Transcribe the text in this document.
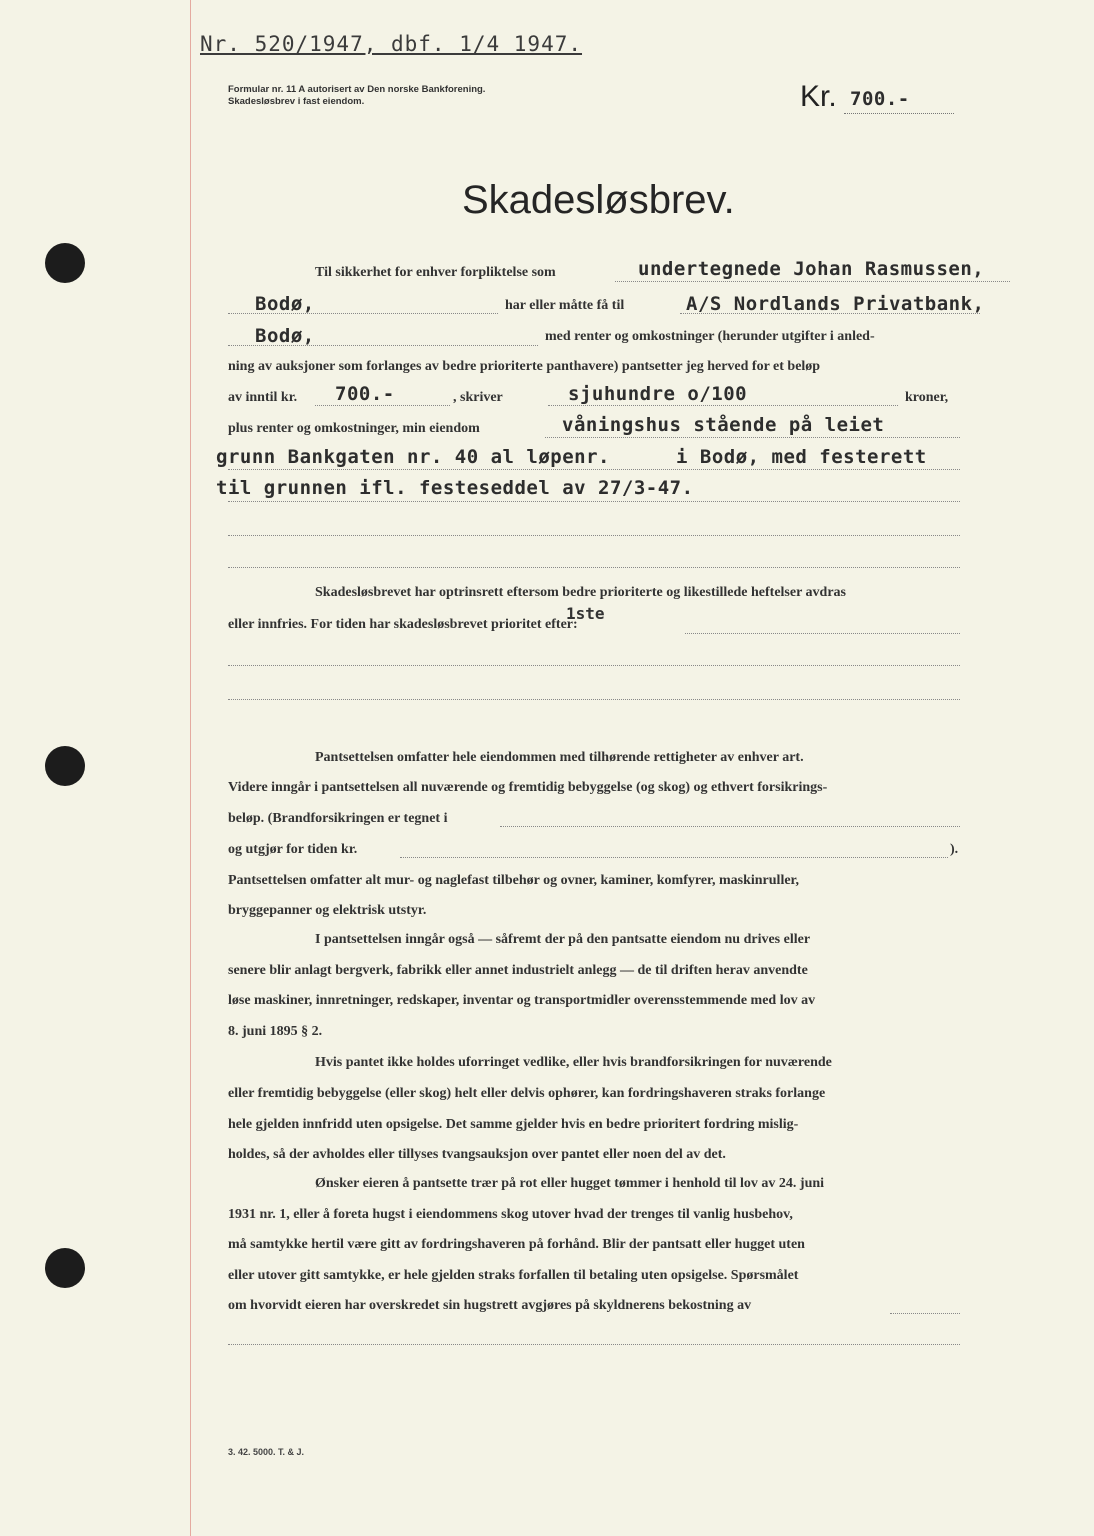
Nr. 520/1947, dbf. 1/4 1947.
Formular nr. 11 A autorisert av Den norske Bankforening.
Skadesløsbrev i fast eiendom.	Kr. 700.-
Skadesløsbrev.
Til sikkerhet for enhver forpliktelse som	undertegnede Johan Rasmussen,
Bodø,	har eller måtte få til	A/S Nordlands Privatbank,
Bodø,	med renter og omkostninger (herunder utgifter i anled-
ning av auksjoner som forlanges av bedre prioriterte panthavere) pantsetter jeg herved for et beløp
av inntil kr. 700.-	, skriver	sjuhundre o/100	kroner,
plus renter og omkostninger, min eiendom	våningshus stående på leiet
grunn Bankgaten nr. 40 al løpenr.	i Bodø, med festerett
til grunnen ifl. festeseddel av 27/3-47.
Skadesløsbrevet har optrinsrett eftersom bedre prioriterte og likestillede heftelser avdras
eller innfries. For tiden har skadesløsbrevet prioritet efter:
1ste
Pantsettelsen omfatter hele eiendommen med tilhørende rettigheter av enhver art.
Videre inngår i pantsettelsen all nuværende og fremtidig bebyggelse (og skog) og ethvert forsikrings-
beløp. (Brandforsikringen er tegnet i
og utgjør for tiden kr.	).
Pantsettelsen omfatter alt mur- og naglefast tilbehør og ovner, kaminer, komfyrer, maskinruller,
bryggepanner og elektrisk utstyr.
I pantsettelsen inngår også — såfremt der på den pantsatte eiendom nu drives eller
senere blir anlagt bergverk, fabrikk eller annet industrielt anlegg — de til driften herav anvendte
løse maskiner, innretninger, redskaper, inventar og transportmidler overensstemmende med lov av
8. juni 1895 § 2.
Hvis pantet ikke holdes uforringet vedlike, eller hvis brandforsikringen for nuværende
eller fremtidig bebyggelse (eller skog) helt eller delvis ophører, kan fordringshaveren straks forlange
hele gjelden innfridd uten opsigelse. Det samme gjelder hvis en bedre prioritert fordring mislig-
holdes, så der avholdes eller tillyses tvangsauksjon over pantet eller noen del av det.
Ønsker eieren å pantsette trær på rot eller hugget tømmer i henhold til lov av 24. juni
1931 nr. 1, eller å foreta hugst i eiendommens skog utover hvad der trenges til vanlig husbehov,
må samtykke hertil være gitt av fordringshaveren på forhånd. Blir der pantsatt eller hugget uten
eller utover gitt samtykke, er hele gjelden straks forfallen til betaling uten opsigelse. Spørsmålet
om hvorvidt eieren har overskredet sin hugstrett avgjøres på skyldnerens bekostning av
3. 42. 5000. T. & J.
